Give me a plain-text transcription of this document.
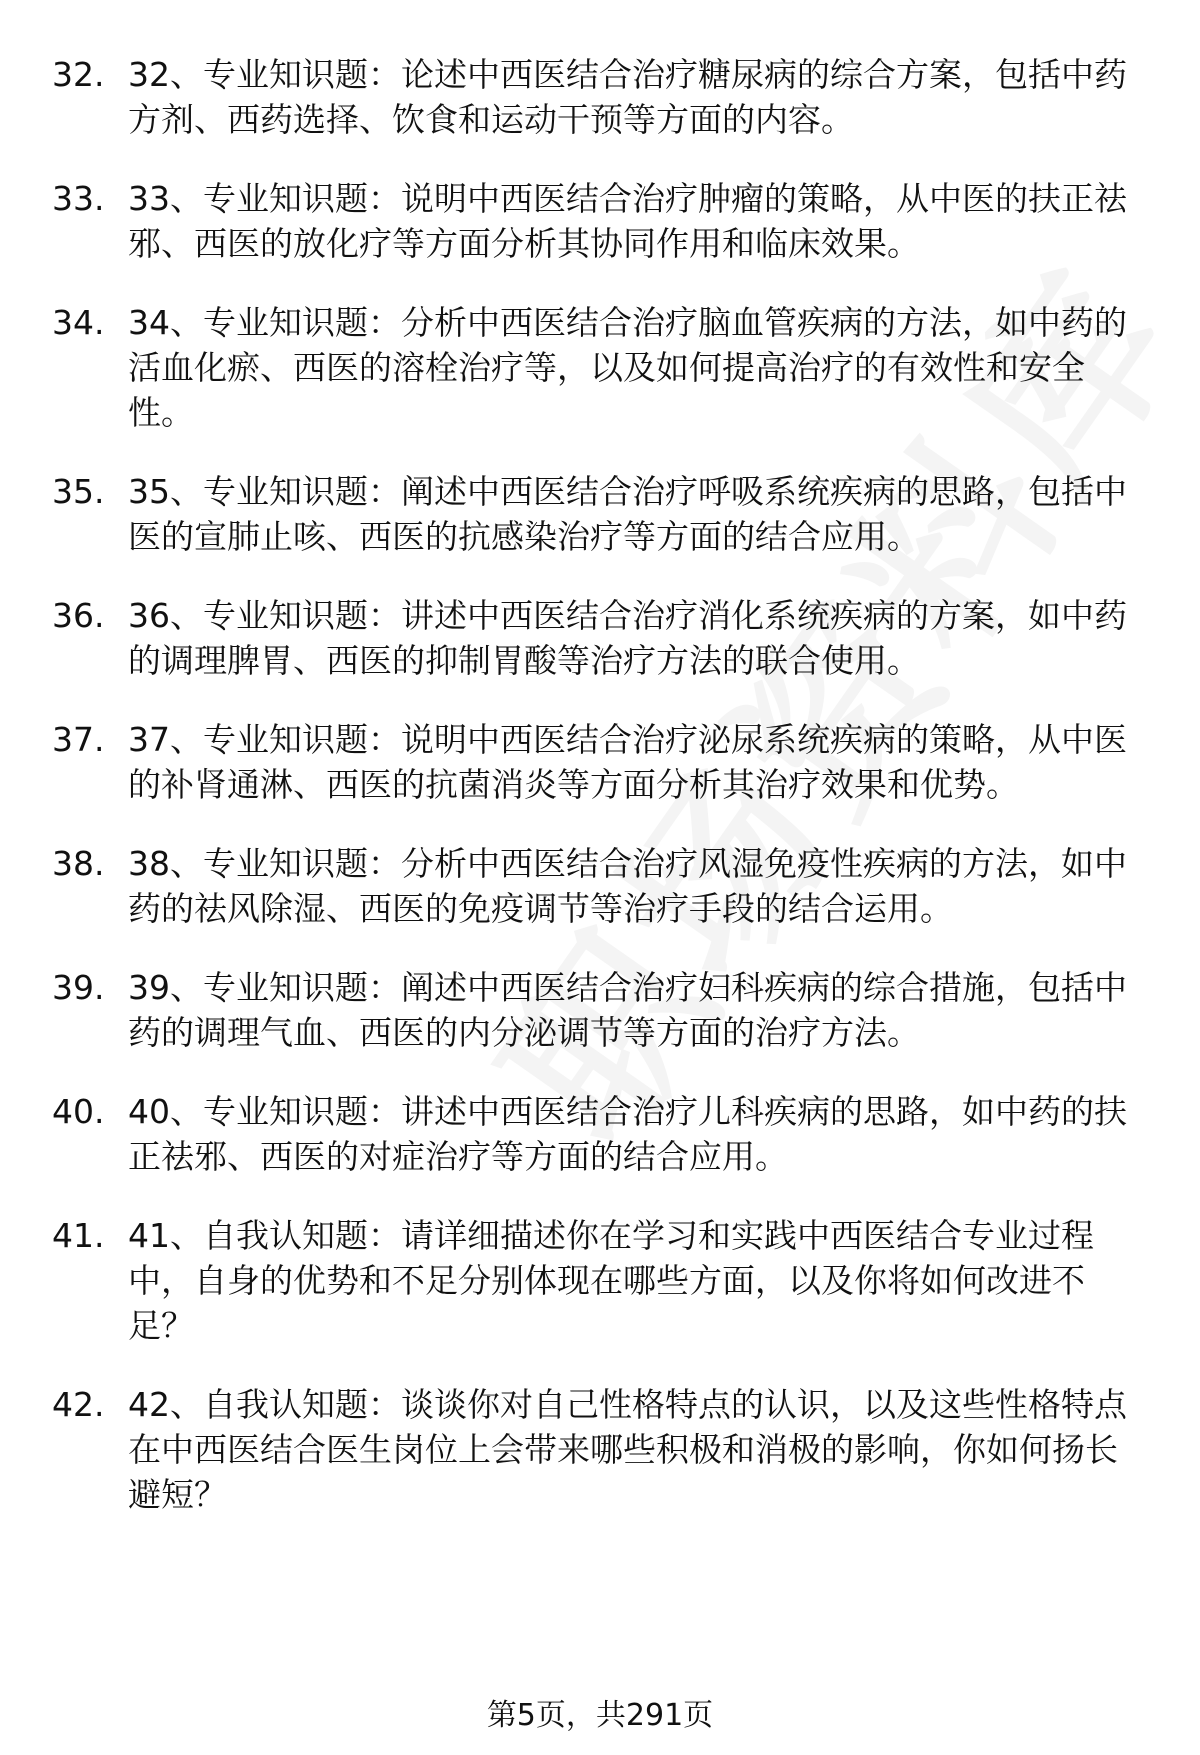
32. 32、专业知识题：论述中西医结合治疗糖尿病的综合方案，包括中药方剂、西药选择、饮食和运动干预等方面的内容。
33. 33、专业知识题：说明中西医结合治疗肿瘤的策略，从中医的扶正祛邪、西医的放化疗等方面分析其协同作用和临床效果。
34. 34、专业知识题：分析中西医结合治疗脑血管疾病的方法，如中药的活血化瘀、西医的溶栓治疗等，以及如何提高治疗的有效性和安全性。
35. 35、专业知识题：阐述中西医结合治疗呼吸系统疾病的思路，包括中医的宣肺止咳、西医的抗感染治疗等方面的结合应用。
36. 36、专业知识题：讲述中西医结合治疗消化系统疾病的方案，如中药的调理脾胃、西医的抑制胃酸等治疗方法的联合使用。
37. 37、专业知识题：说明中西医结合治疗泌尿系统疾病的策略，从中医的补肾通淋、西医的抗菌消炎等方面分析其治疗效果和优势。
38. 38、专业知识题：分析中西医结合治疗风湿免疫性疾病的方法，如中药的祛风除湿、西医的免疫调节等治疗手段的结合运用。
39. 39、专业知识题：阐述中西医结合治疗妇科疾病的综合措施，包括中药的调理气血、西医的内分泌调节等方面的治疗方法。
40. 40、专业知识题：讲述中西医结合治疗儿科疾病的思路，如中药的扶正祛邪、西医的对症治疗等方面的结合应用。
41. 41、自我认知题：请详细描述你在学习和实践中西医结合专业过程中，自身的优势和不足分别体现在哪些方面，以及你将如何改进不足？
42. 42、自我认知题：谈谈你对自己性格特点的认识，以及这些性格特点在中西医结合医生岗位上会带来哪些积极和消极的影响，你如何扬长避短？
第5页，共291页
